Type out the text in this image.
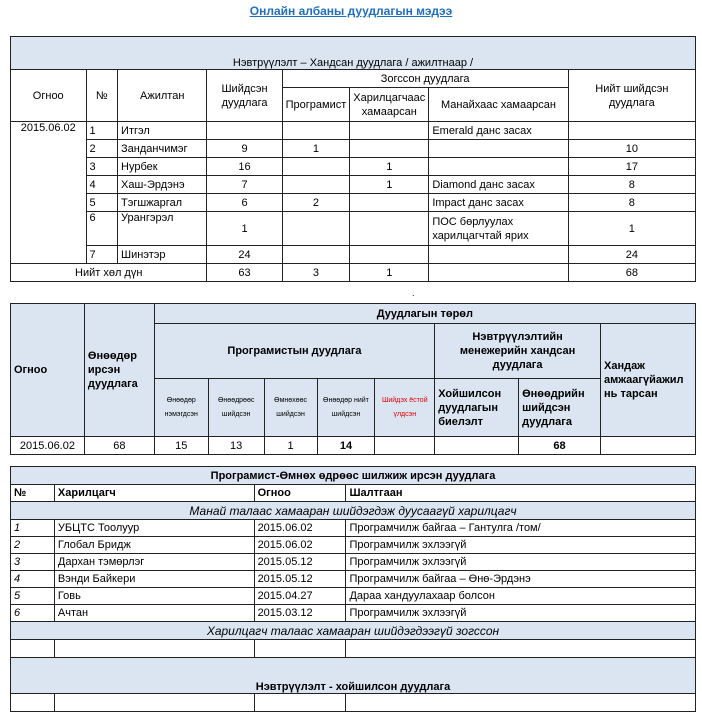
Онлайн албаны дуудлагын мэдээ
Нэвтрүүлэлт – Хандсан дуудлага / ажилтнаар /							
Огноо	№	Ажилтан	Шийдсэн дуудлага	Зогссон дуудлага			Нийт шийдсэн дуудлага
				Програмист	Харилцагчаас хамаарсан	Манайхаас хамаарсан	
2015.06.02	1	Итгэл				Emerald данс засах	
	2	Занданчимэг	9	1			10
	3	Нурбек	16		1		17
	4	Хаш-Эрдэнэ	7		1	Diamond данс засах	8
	5	Тэгшжаргал	6	2		Impact данс засах	8
	6	Урангэрэл	1			ПОС бөрлуулах харилцагчтай ярих	1
	7	Шинэтэр	24				24
Нийт хөл дүн			63	3	1		68
.
Огноо	Өнөөдөр ирсэн дуудлага	Дуудлагын төрөл							
		Програмистын дуудлага					Нэвтрүүлэлтийн менежерийн хандсан дуудлага		Хандаж амжаагүйажил нь тарсан
		Өнөөдөр нэмэгдсэн	Өнөөдрөөс шийдсэн	Өмнөхөөс шийдсэн	Өнөөдөр нийт шийдсэн	Шийдэх ёстой үлдсэн	Хойшилсон дуудлагын биелэлт	Өнөөдрийн шийдсэн дуудлага	

2015.06.02	68	15	13	1	14			68	
Програмист-Өмнөх өдрөөс шилжиж ирсэн дуудлага			
№	Харилцагч	Огноо	Шалтгаан
Манай талаас хамааран шийдэгдэж дуусаагүй харилцагч			
1	УБЦТС Тоолуур	2015.06.02	Програмчилж байгаа – Гантулга /том/
2	Глобал Бридж	2015.06.02	Програмчилж эхлээгүй
3	Дархан тэмөрлэг	2015.05.12	Програмчилж эхлээгүй
4	Вэнди Байкери	2015.05.12	Програмчилж байгаа – Өнө-Эрдэнэ
5	Говь	2015.04.27	Дараа хандуулахаар болсон
6	Ачтан	2015.03.12	Програмчилж эхлээгүй
Харилцагч талаас хамааран шийдэгдээгүй зогссон			

Нэвтрүүлэлт - хойшилсон дуудлага			
